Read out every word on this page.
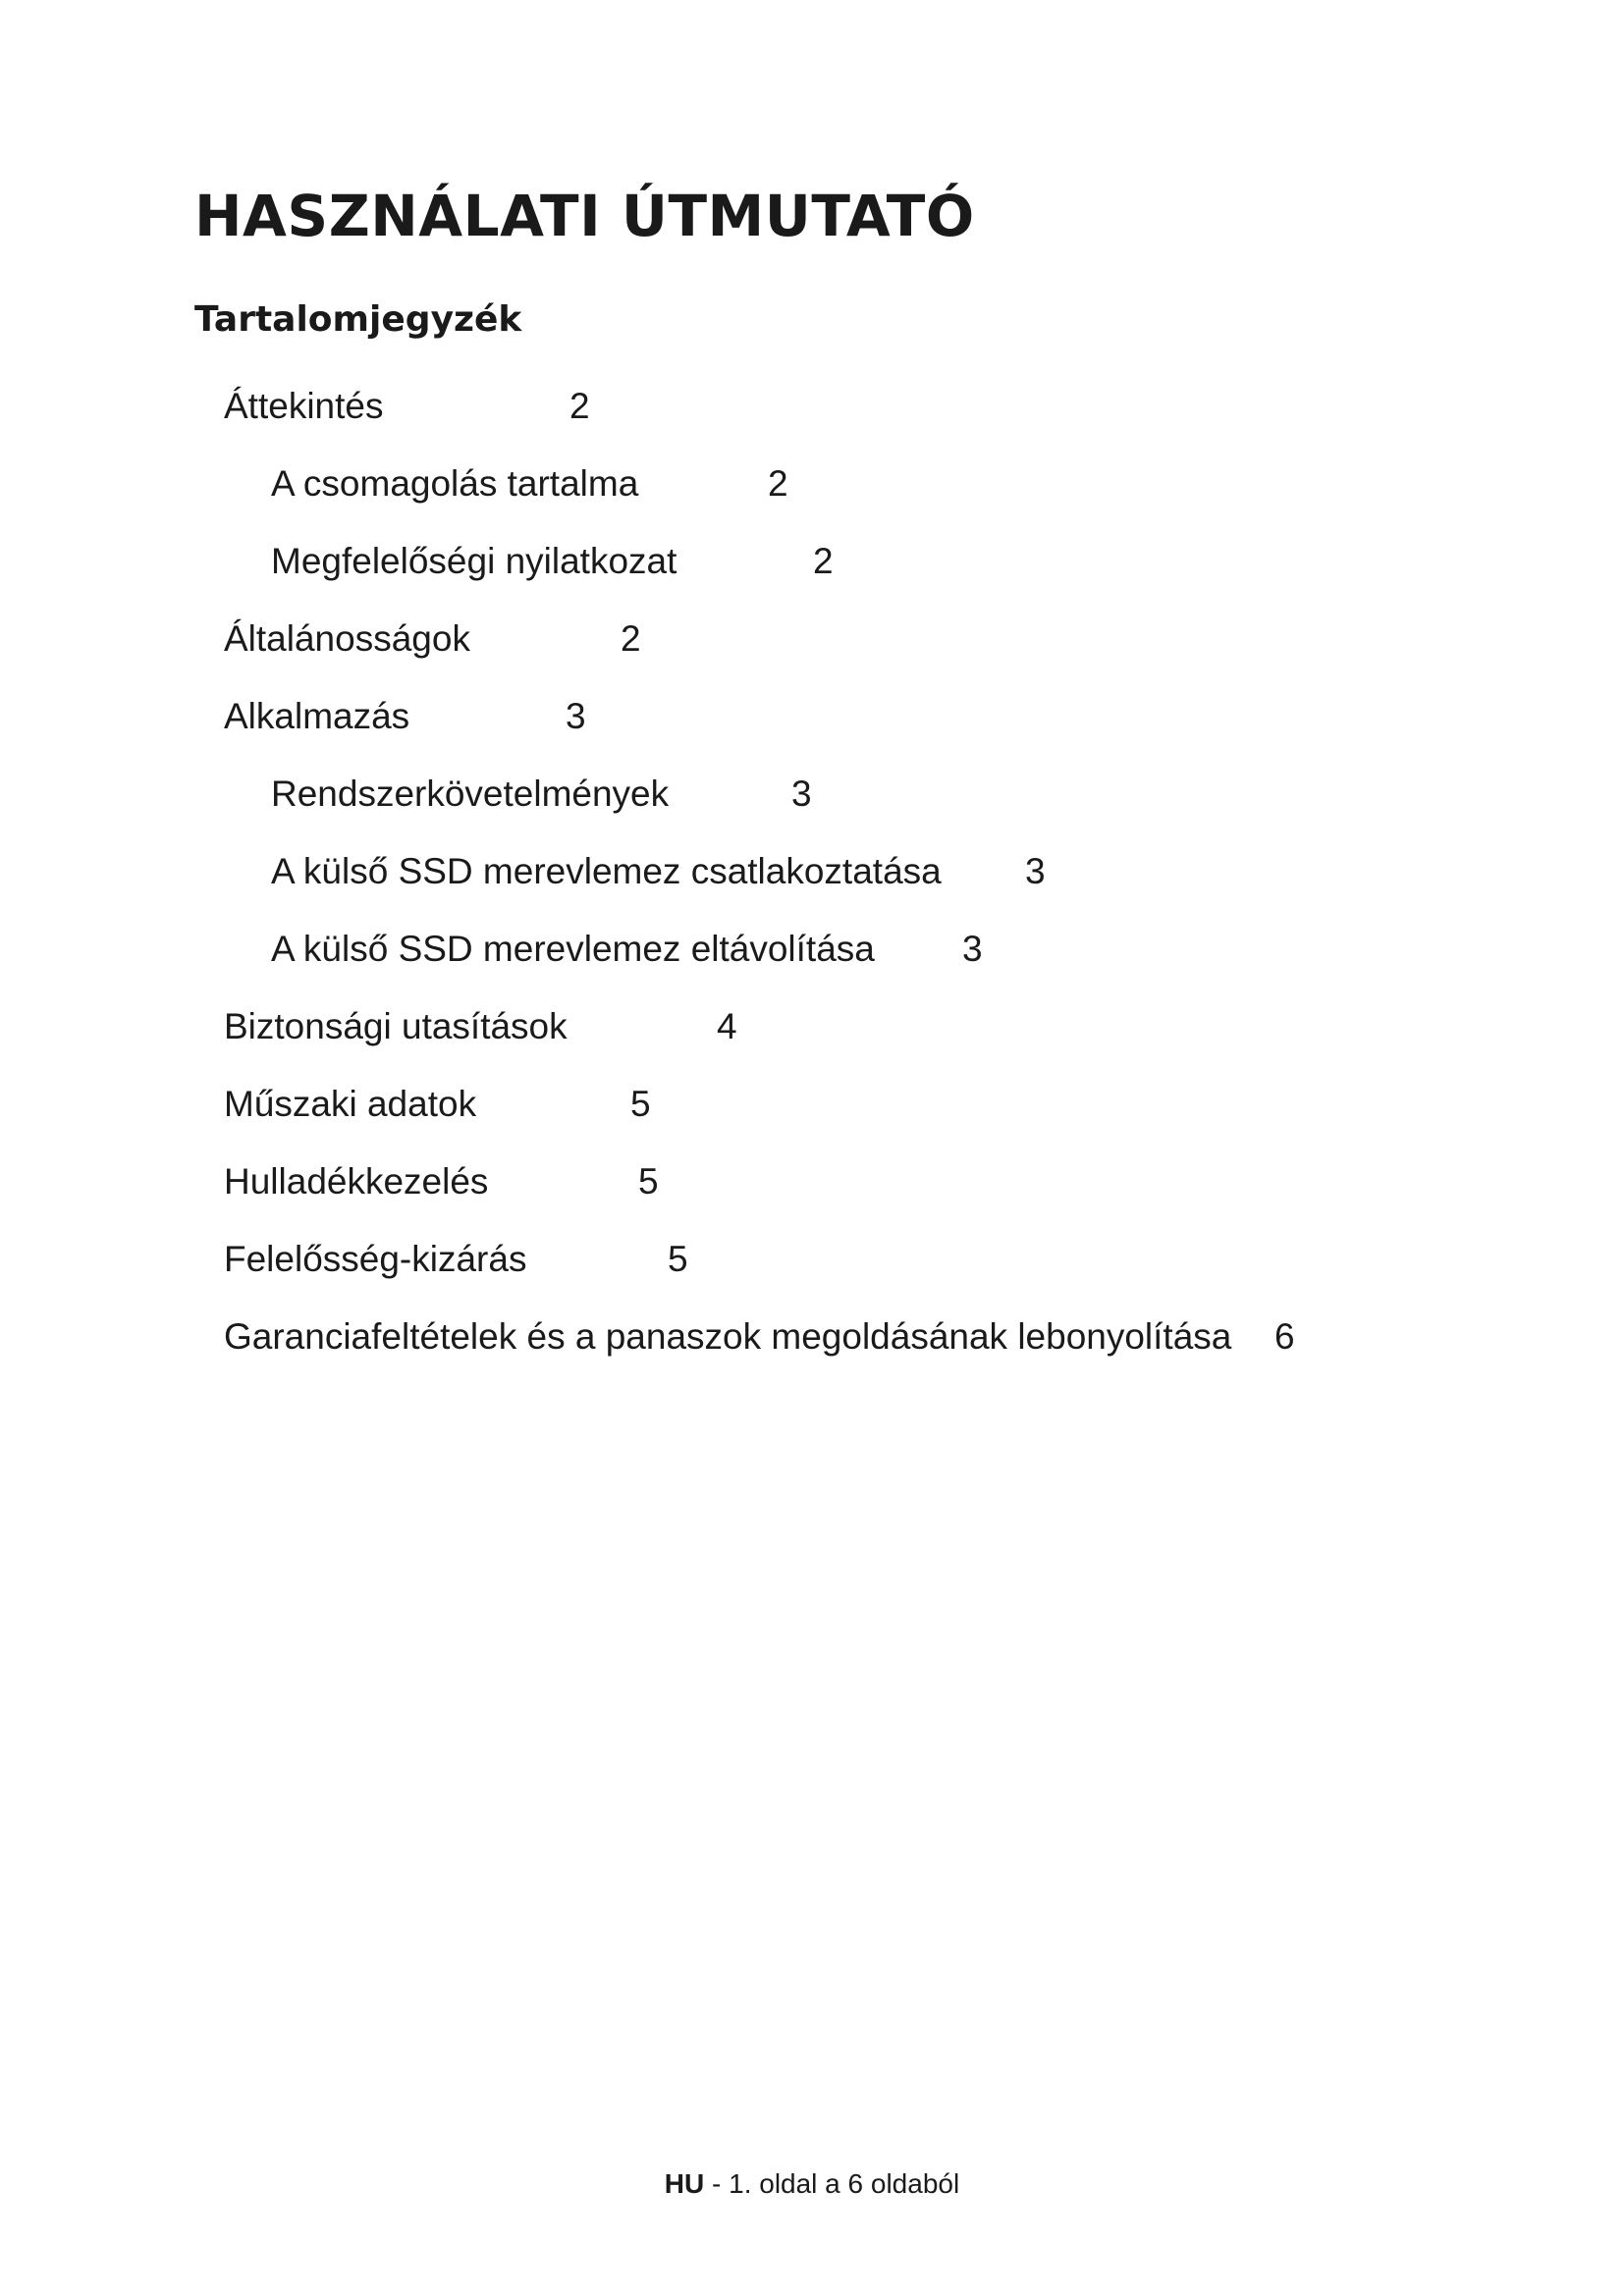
HASZNÁLATI ÚTMUTATÓ
Tartalomjegyzék
Áttekintés	2
A csomagolás tartalma	2
Megfelelőségi nyilatkozat	2
Általánosságok	2
Alkalmazás	3
Rendszerkövetelmények	3
A külső SSD merevlemez csatlakoztatása 3
A külső SSD merevlemez eltávolítása 3
Biztonsági utasítások	4
Műszaki adatok	5
Hulladékkezelés	5
Felelősség-kizárás	5
Garanciafeltételek és a panaszok megoldásának lebonyolítása 6
HU - 1. oldal a 6 oldaból
